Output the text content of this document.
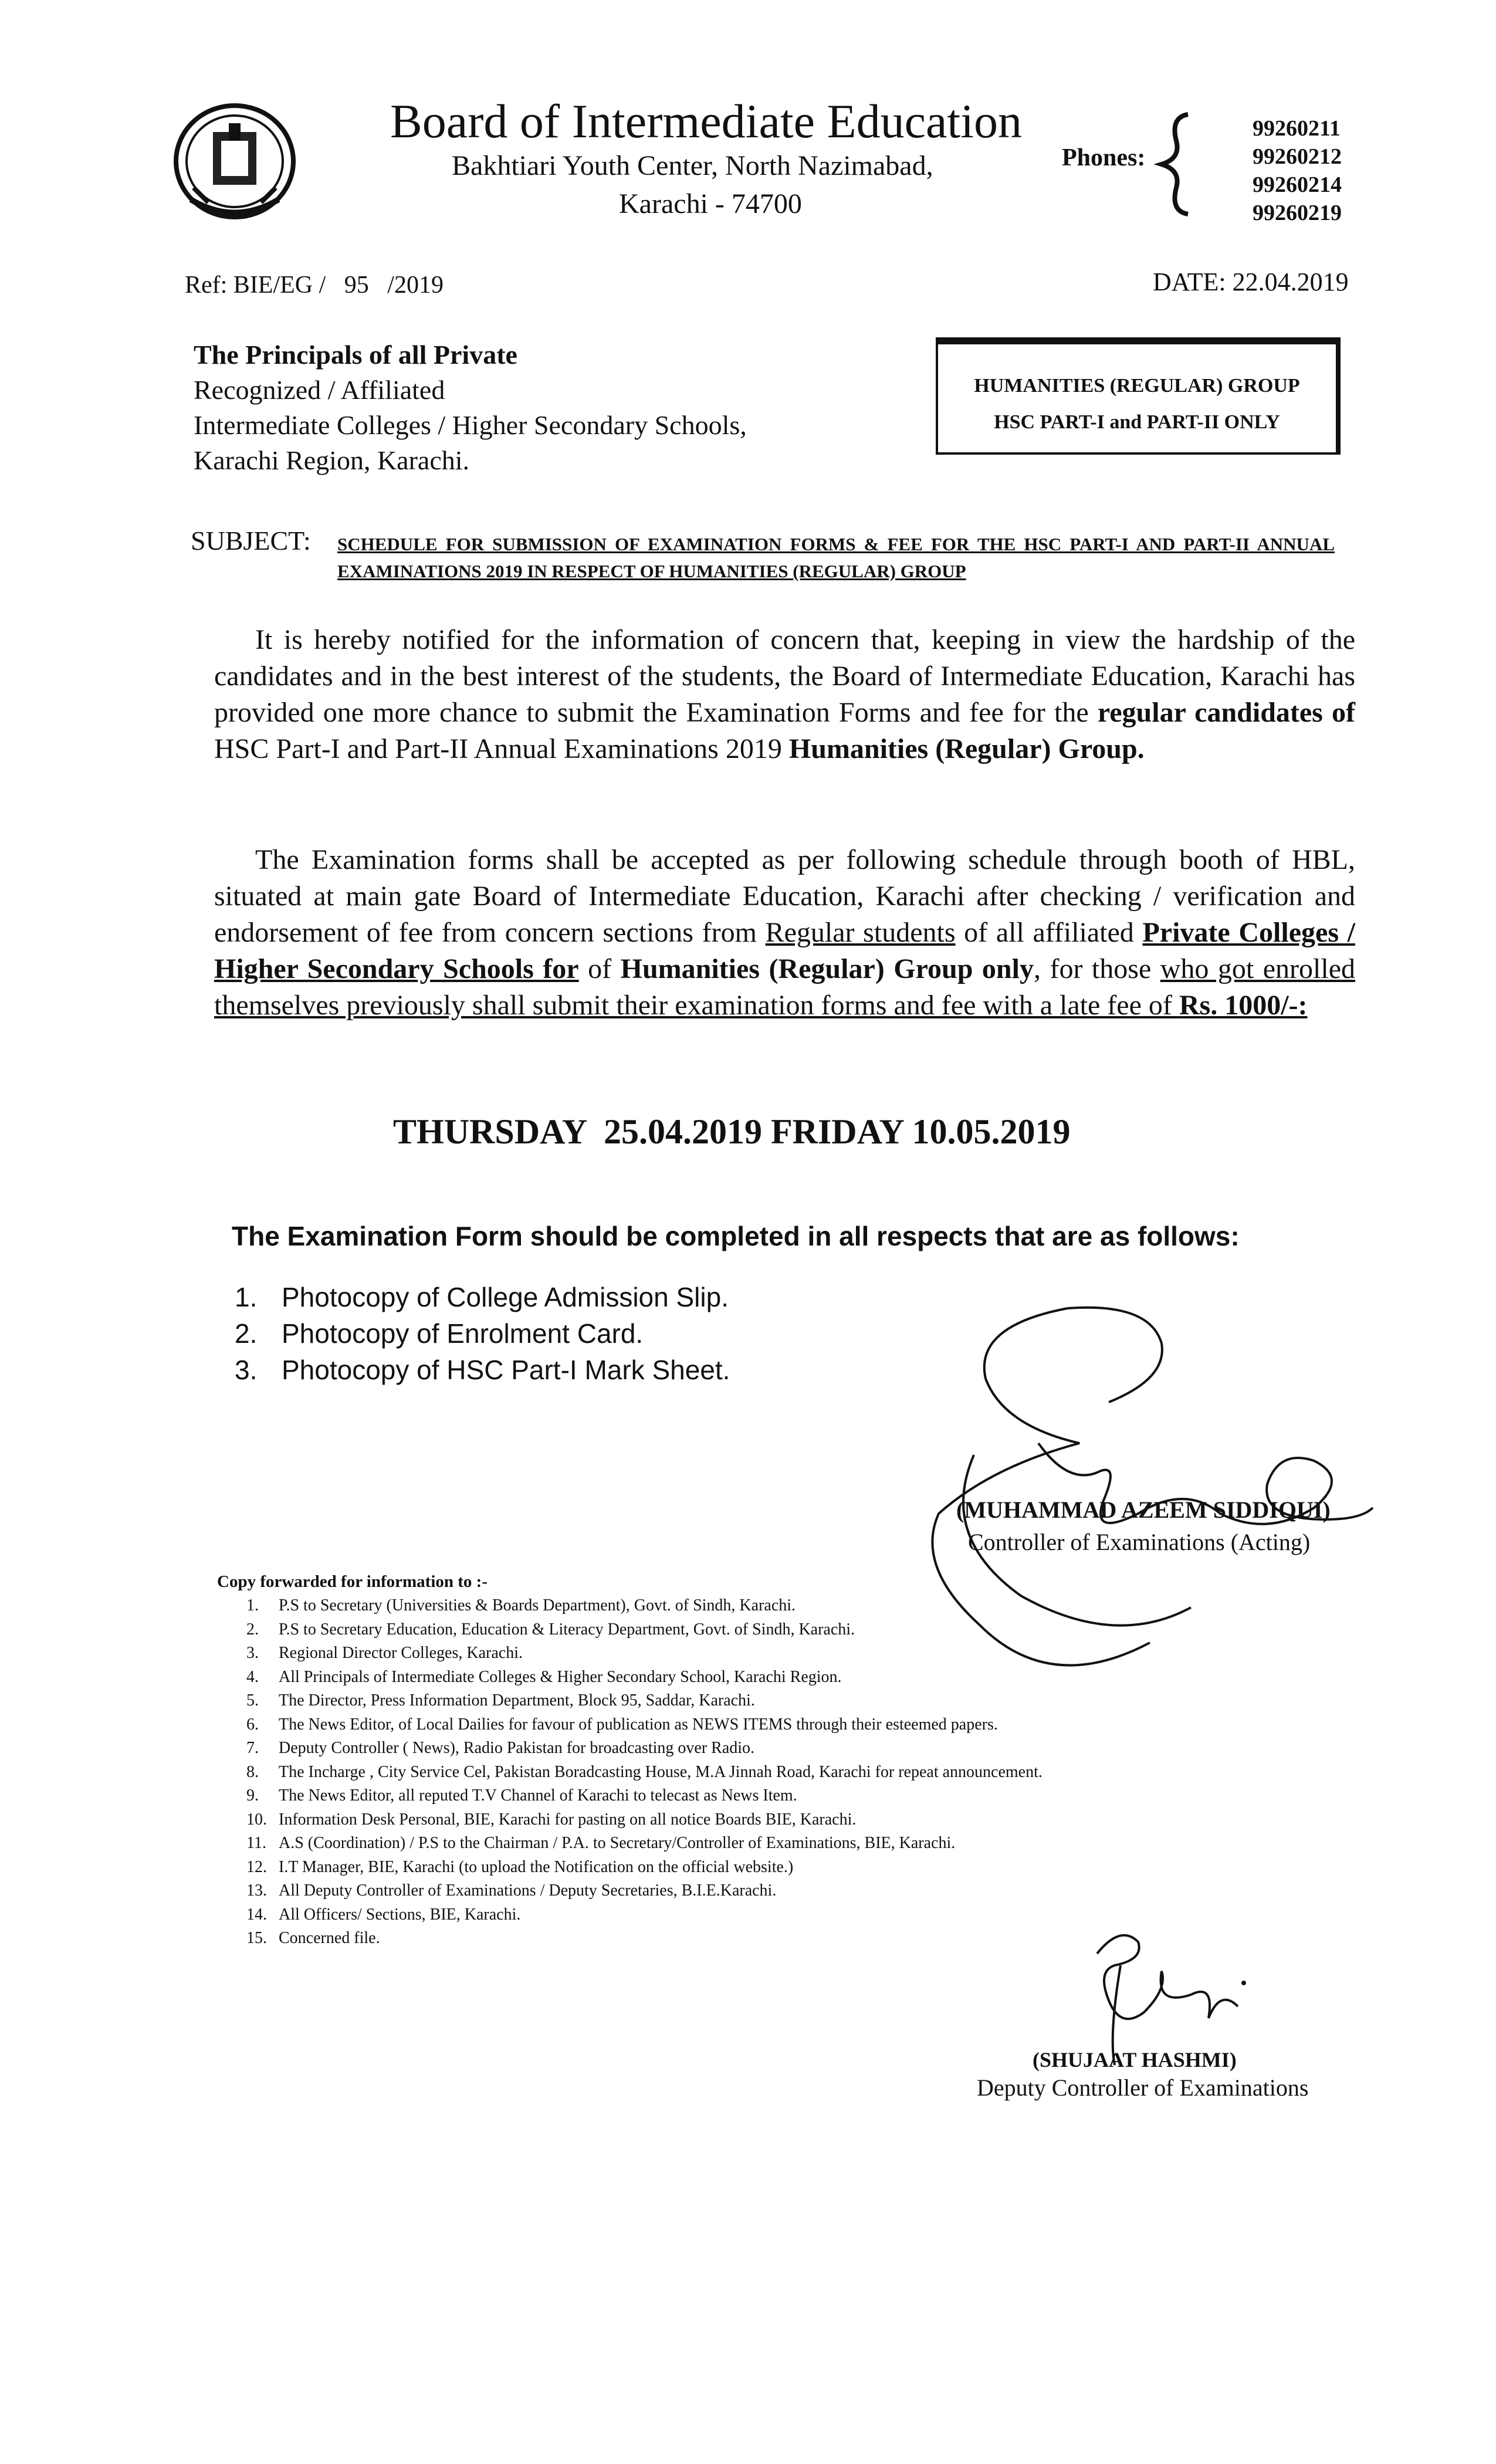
Board of Intermediate Education
Bakhtiari Youth Center, North Nazimabad,
Karachi - 74700
Phones:
99260211
99260212
99260214
99260219
Ref: BIE/EG /   95   /2019	DATE: 22.04.2019
The Principals of all Private
Recognized / Affiliated
Intermediate Colleges / Higher Secondary Schools,
Karachi Region, Karachi.
HUMANITIES (REGULAR) GROUP
HSC PART-I and PART-II ONLY
SUBJECT: SCHEDULE FOR SUBMISSION OF EXAMINATION FORMS & FEE FOR THE HSC PART-I AND PART-II ANNUAL EXAMINATIONS 2019 IN RESPECT OF HUMANITIES (REGULAR) GROUP
It is hereby notified for the information of concern that, keeping in view the hardship of the candidates and in the best interest of the students, the Board of Intermediate Education, Karachi has provided one more chance to submit the Examination Forms and fee for the regular candidates of HSC Part-I and Part-II Annual Examinations 2019 Humanities (Regular) Group.
The Examination forms shall be accepted as per following schedule through booth of HBL, situated at main gate Board of Intermediate Education, Karachi after checking / verification and endorsement of fee from concern sections from Regular students of all affiliated Private Colleges / Higher Secondary Schools for of Humanities (Regular) Group only, for those who got enrolled themselves previously shall submit their examination forms and fee with a late fee of Rs. 1000/-:
THURSDAY  25.04.2019 FRIDAY 10.05.2019
The Examination Form should be completed in all respects that are as follows:
1. Photocopy of College Admission Slip.
2. Photocopy of Enrolment Card.
3. Photocopy of HSC Part-I Mark Sheet.
(MUHAMMAD AZEEM SIDDIQUI)
Controller of Examinations (Acting)
Copy forwarded for information to :-
1. P.S to Secretary (Universities & Boards Department), Govt. of Sindh, Karachi.
2. P.S to Secretary Education, Education & Literacy Department, Govt. of Sindh, Karachi.
3. Regional Director Colleges, Karachi.
4. All Principals of Intermediate Colleges & Higher Secondary School, Karachi Region.
5. The Director, Press Information Department, Block 95, Saddar, Karachi.
6. The News Editor, of Local Dailies for favour of publication as NEWS ITEMS through their esteemed papers.
7. Deputy Controller ( News), Radio Pakistan for broadcasting over Radio.
8. The Incharge , City Service Cel, Pakistan Boradcasting House, M.A Jinnah Road, Karachi for repeat announcement.
9. The News Editor, all reputed T.V Channel of Karachi to telecast as News Item.
10. Information Desk Personal, BIE, Karachi for pasting on all notice Boards BIE, Karachi.
11. A.S (Coordination) / P.S to the Chairman / P.A. to Secretary/Controller of Examinations, BIE, Karachi.
12. I.T Manager, BIE, Karachi (to upload the Notification on the official website.)
13. All Deputy Controller of Examinations / Deputy Secretaries, B.I.E.Karachi.
14. All Officers/ Sections, BIE, Karachi.
15. Concerned file.
(SHUJAAT HASHMI)
Deputy Controller of Examinations
